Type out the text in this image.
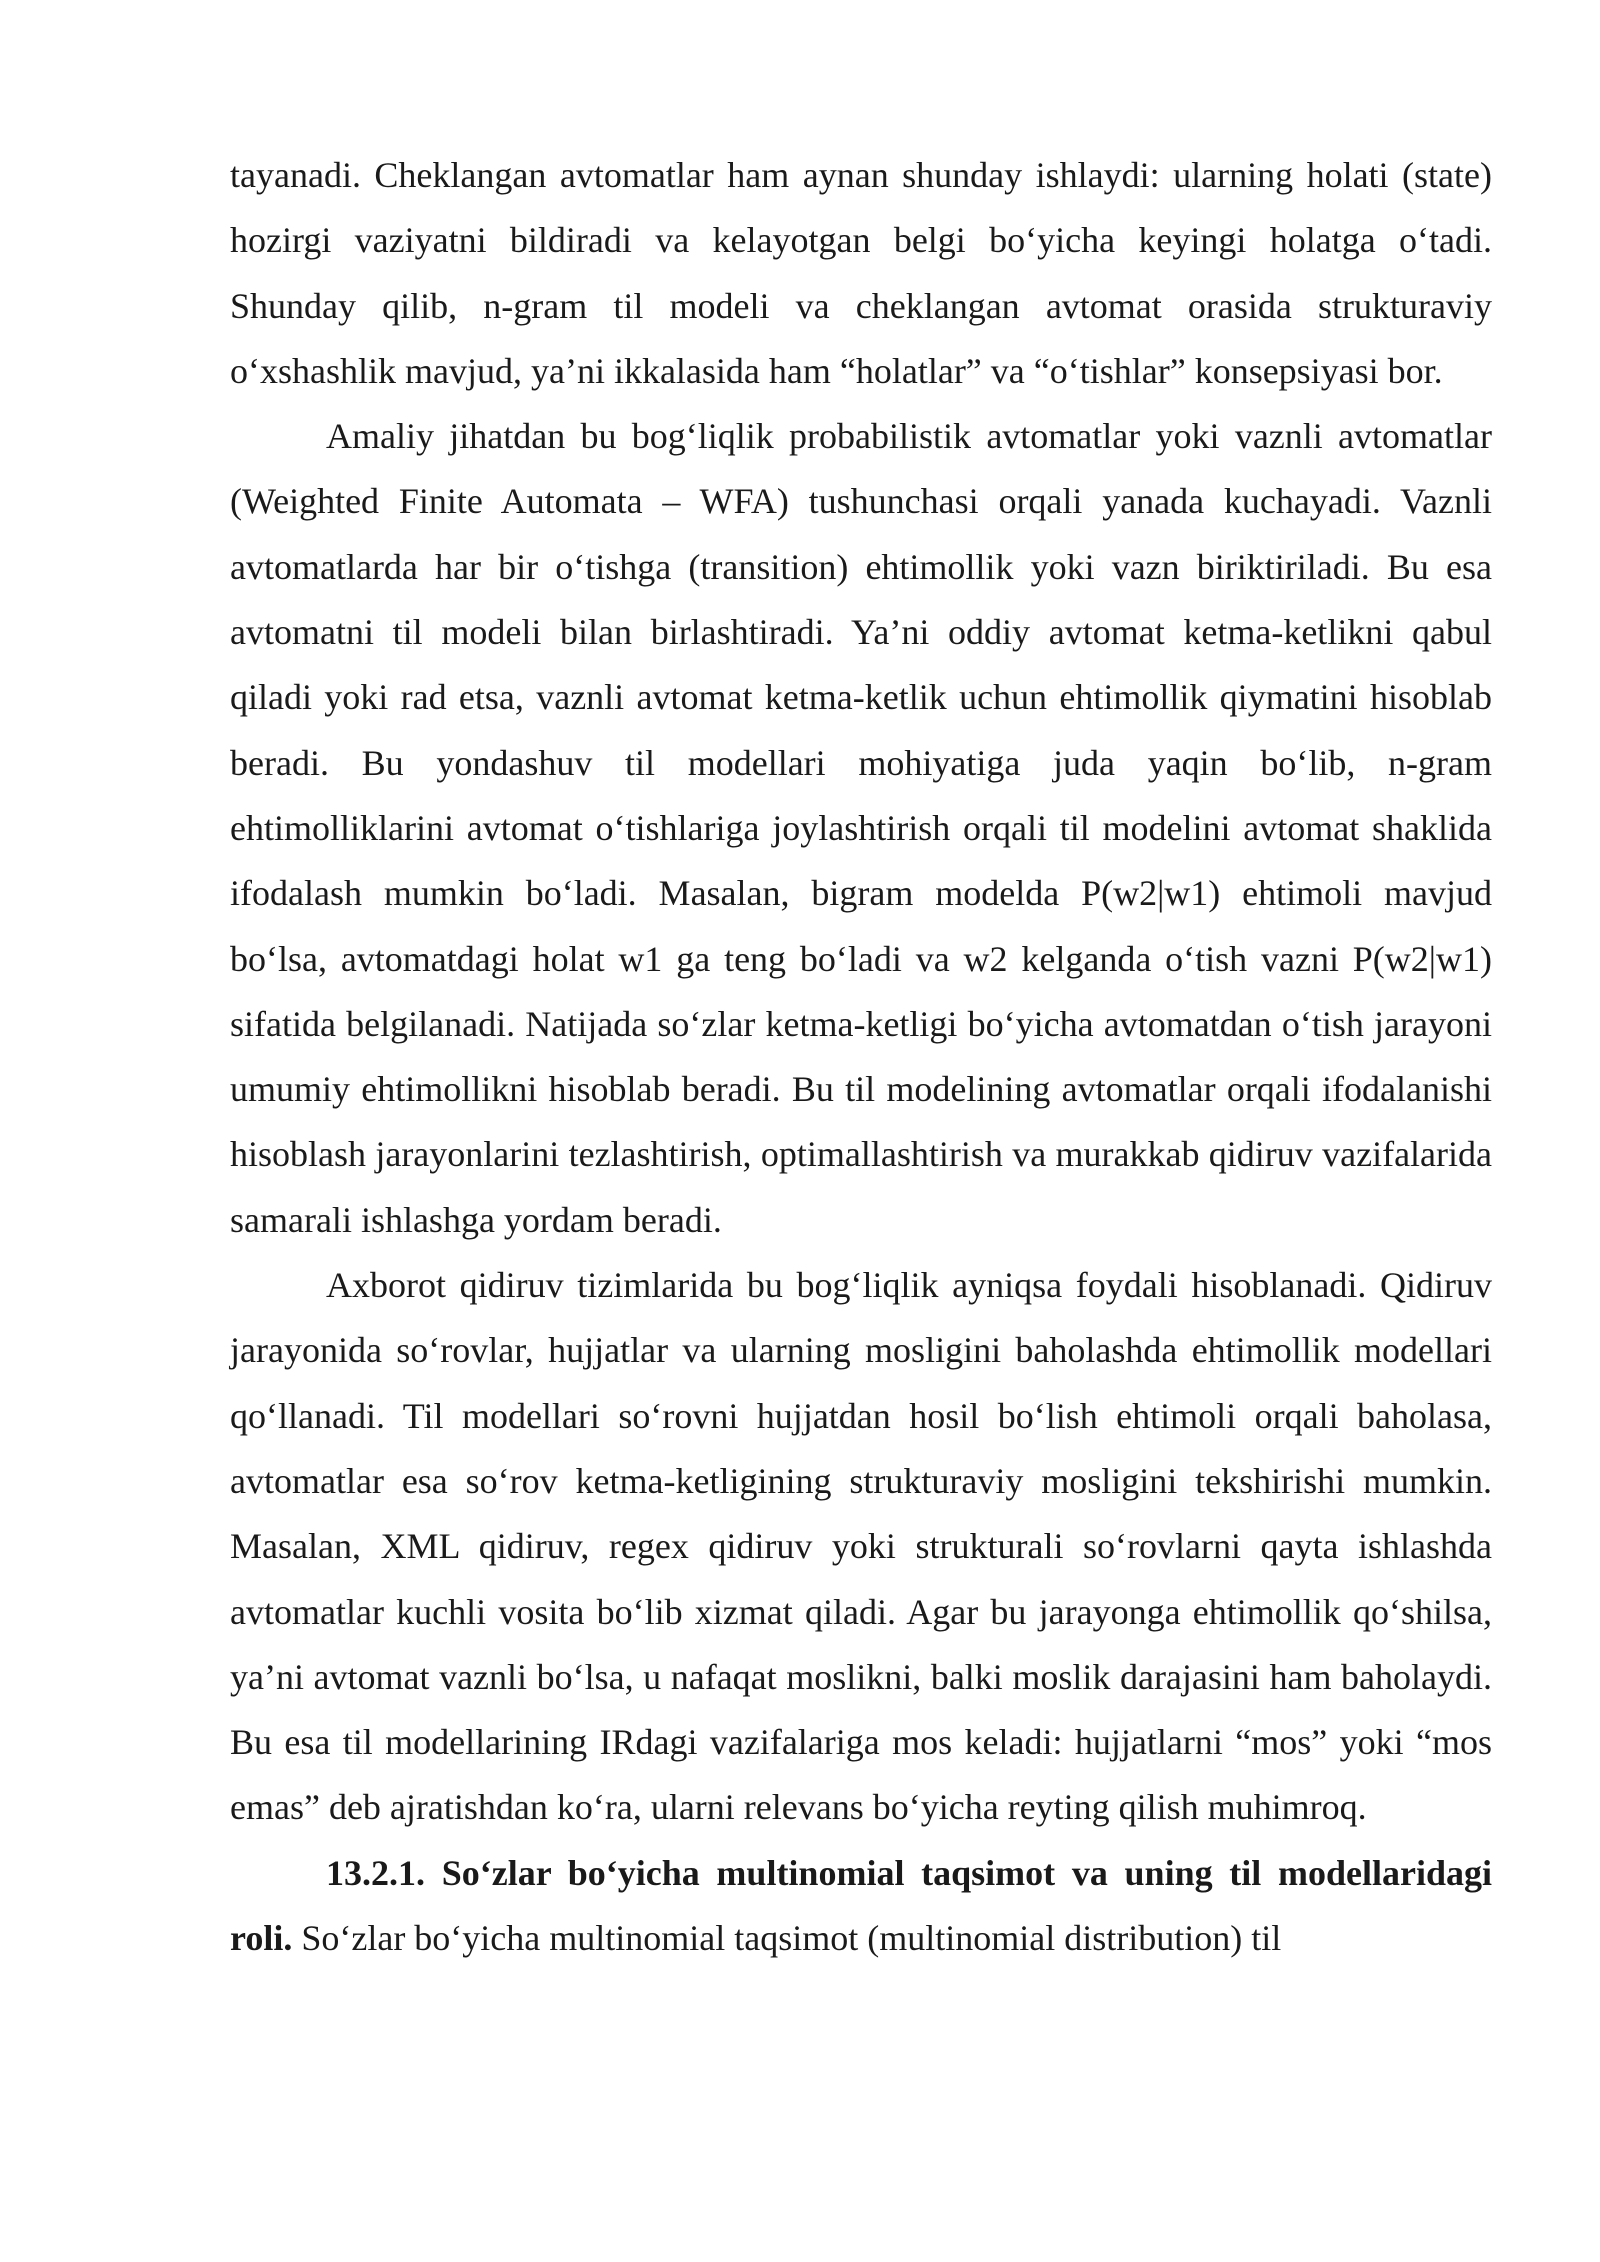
tayanadi. Cheklangan avtomatlar ham aynan shunday ishlaydi: ularning holati (state) hozirgi vaziyatni bildiradi va kelayotgan belgi bo‘yicha keyingi holatga o‘tadi. Shunday qilib, n-gram til modeli va cheklangan avtomat orasida strukturaviy o‘xshashlik mavjud, ya’ni ikkalasida ham “holatlar” va “o‘tishlar” konsepsiyasi bor.

Amaliy jihatdan bu bog‘liqlik probabilistik avtomatlar yoki vaznli avtomatlar (Weighted Finite Automata – WFA) tushunchasi orqali yanada kuchayadi. Vaznli avtomatlarda har bir o‘tishga (transition) ehtimollik yoki vazn biriktiriladi. Bu esa avtomatni til modeli bilan birlashtiradi. Ya’ni oddiy avtomat ketma-ketlikni qabul qiladi yoki rad etsa, vaznli avtomat ketma-ketlik uchun ehtimollik qiymatini hisoblab beradi. Bu yondashuv til modellari mohiyatiga juda yaqin bo‘lib, n-gram ehtimolliklarini avtomat o‘tishlariga joylashtirish orqali til modelini avtomat shaklida ifodalash mumkin bo‘ladi. Masalan, bigram modelda P(w2|w1) ehtimoli mavjud bo‘lsa, avtomatdagi holat w1 ga teng bo‘ladi va w2 kelganda o‘tish vazni P(w2|w1) sifatida belgilanadi. Natijada so‘zlar ketma-ketligi bo‘yicha avtomatdan o‘tish jarayoni umumiy ehtimollikni hisoblab beradi. Bu til modelining avtomatlar orqali ifodalanishi hisoblash jarayonlarini tezlashtirish, optimallashtirish va murakkab qidiruv vazifalarida samarali ishlashga yordam beradi.

Axborot qidiruv tizimlarida bu bog‘liqlik ayniqsa foydali hisoblanadi. Qidiruv jarayonida so‘rovlar, hujjatlar va ularning mosligini baholashda ehtimollik modellari qo‘llanadi. Til modellari so‘rovni hujjatdan hosil bo‘lish ehtimoli orqali baholasa, avtomatlar esa so‘rov ketma-ketligining strukturaviy mosligini tekshirishi mumkin. Masalan, XML qidiruv, regex qidiruv yoki strukturali so‘rovlarni qayta ishlashda avtomatlar kuchli vosita bo‘lib xizmat qiladi. Agar bu jarayonga ehtimollik qo‘shilsa, ya’ni avtomat vaznli bo‘lsa, u nafaqat moslikni, balki moslik darajasini ham baholaydi. Bu esa til modellarining IRdagi vazifalariga mos keladi: hujjatlarni “mos” yoki “mos emas” deb ajratishdan ko‘ra, ularni relevans bo‘yicha reyting qilish muhimroq.

13.2.1. So‘zlar bo‘yicha multinomial taqsimot va uning til modellaridagi roli. So‘zlar bo‘yicha multinomial taqsimot (multinomial distribution) til
